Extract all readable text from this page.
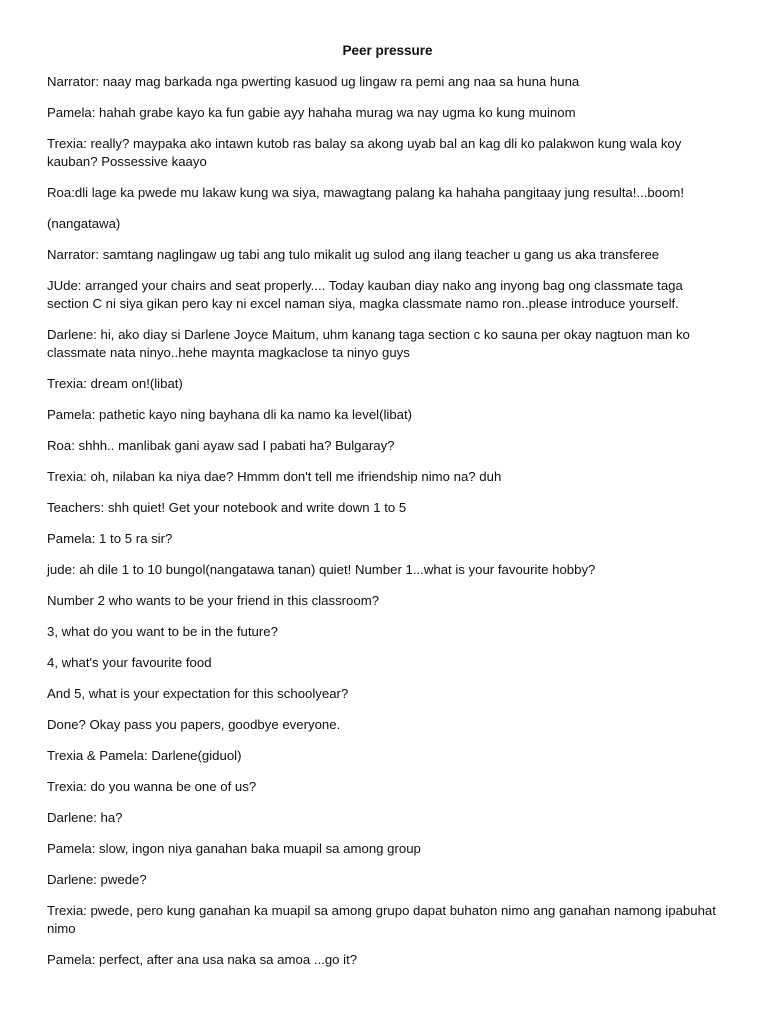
Peer pressure
Narrator: naay mag barkada nga pwerting kasuod ug lingaw ra pemi ang naa sa huna huna
Pamela: hahah grabe kayo ka fun gabie ayy hahaha murag wa nay ugma ko kung muinom
Trexia: really? maypaka ako intawn kutob ras balay sa akong uyab bal an kag dli ko palakwon kung wala koy kauban? Possessive kaayo
Roa:dli lage ka pwede mu lakaw kung wa siya, mawagtang palang ka hahaha pangitaay jung resulta!...boom!
(nangatawa)
Narrator: samtang naglingaw ug tabi ang tulo mikalit ug sulod ang ilang teacher u gang us aka transferee
JUde: arranged your chairs and seat properly.... Today kauban diay nako ang inyong bag ong classmate taga section C ni siya gikan pero kay ni excel naman siya, magka classmate namo ron..please introduce yourself.
Darlene: hi, ako diay si Darlene Joyce Maitum, uhm kanang taga section c ko sauna per okay nagtuon man ko classmate nata ninyo..hehe maynta magkaclose ta ninyo guys
Trexia: dream on!(libat)
Pamela: pathetic kayo ning bayhana dli ka namo ka level(libat)
Roa: shhh.. manlibak gani ayaw sad I pabati ha? Bulgaray?
Trexia: oh, nilaban ka niya dae? Hmmm don't tell me ifriendship nimo na? duh
Teachers: shh quiet! Get your notebook and write down 1 to 5
Pamela: 1 to 5 ra sir?
jude: ah dile 1 to 10 bungol(nangatawa tanan) quiet! Number 1...what is your favourite hobby?
Number 2 who wants to be your friend in this classroom?
3, what do you want to be in the future?
4, what's your favourite food
And 5, what is your expectation for this schoolyear?
Done? Okay pass you papers, goodbye everyone.
Trexia & Pamela: Darlene(giduol)
Trexia: do you wanna be one of us?
Darlene: ha?
Pamela: slow, ingon niya ganahan baka muapil sa among group
Darlene: pwede?
Trexia: pwede, pero kung ganahan ka muapil sa among grupo dapat buhaton nimo ang ganahan namong ipabuhat nimo
Pamela: perfect, after ana usa naka sa amoa ...go it?
